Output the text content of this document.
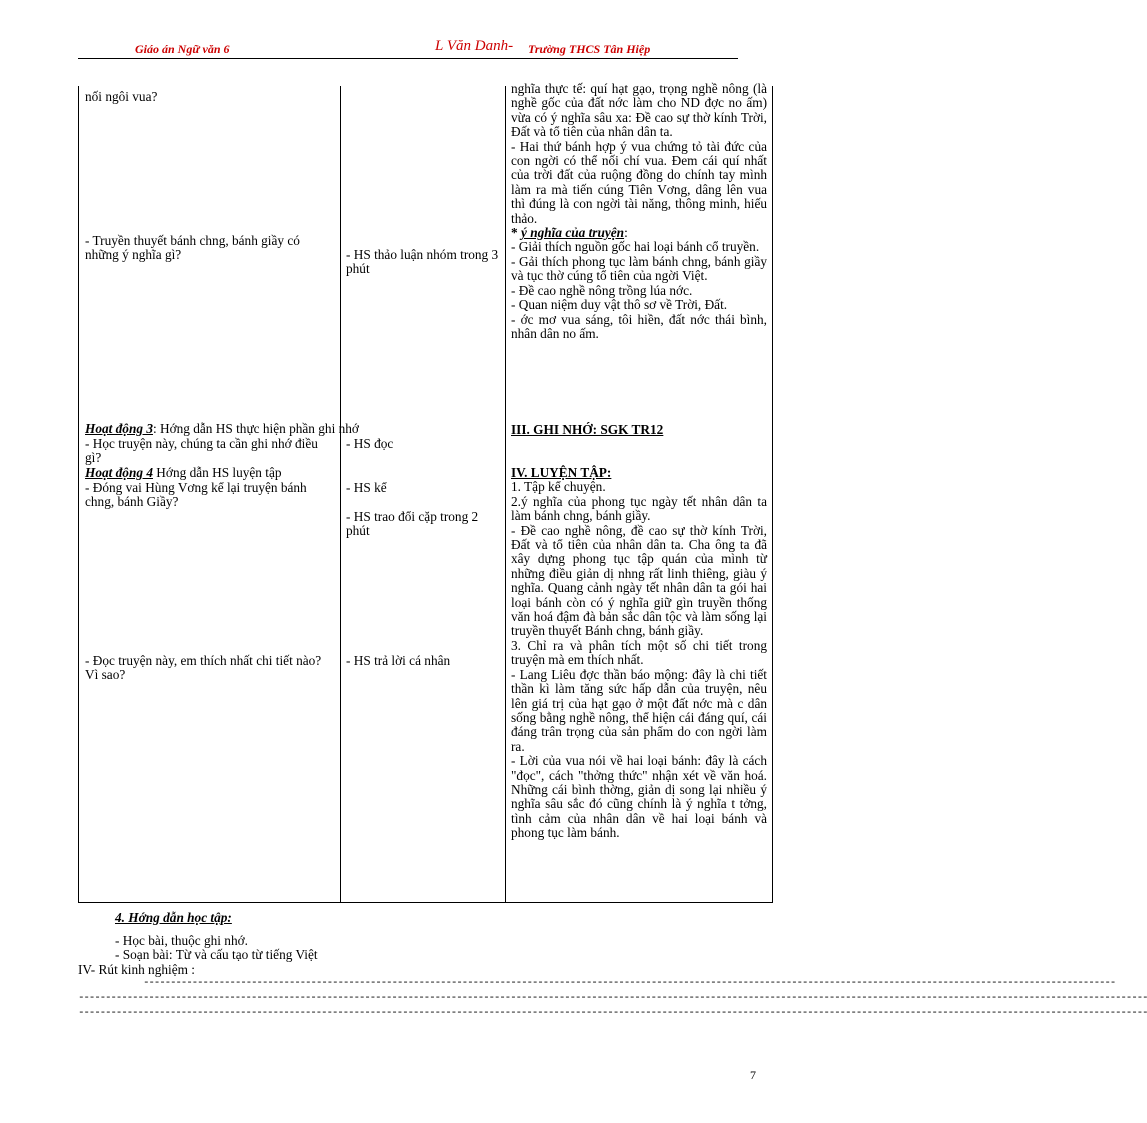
Giáo án Ngữ văn 6	L Văn Danh- Trường THCS Tân Hiệp
nối ngôi vua?
- Truyền thuyết bánh chng, bánh giầy có những ý nghĩa gì?
Hoạt động 3: Hớng dẫn HS thực hiện phần ghi nhớ
- Học truyện này, chúng ta cần ghi nhớ điều gì?
Hoạt động 4 Hớng dẫn HS luyện tập
- Đóng vai Hùng Vơng kể lại truyện bánh chng, bánh Giầy?
- Đọc truyện này, em thích nhất chi tiết nào? Vì sao?
- HS thảo luận nhóm trong 3 phút
- HS đọc
- HS kể
- HS trao đổi cặp trong 2 phút
- HS trả lời cá nhân

nghĩa thực tế: quí hạt gạo, trọng nghề nông (là nghề gốc của đất nớc làm cho ND đợc no ấm) vừa có ý nghĩa sâu xa: Đề cao sự thờ kính Trời, Đất và tổ tiên của nhân dân ta.

- Hai thứ bánh hợp ý vua chứng tỏ tài đức của con ngời có thể nối chí vua. Đem cái quí nhất của trời đất của ruộng đồng do chính tay mình làm ra mà tiến cúng Tiên Vơng, dâng lên vua thì đúng là con ngời tài năng, thông minh, hiếu thảo.

* ý nghĩa của truyện:

- Giải thích nguồn gốc hai loại bánh cổ truyền.

- Gải thích phong tục làm bánh chng, bánh giầy và tục thờ cúng tổ tiên của ngời Việt.

- Đề cao nghề nông trồng lúa nớc.

- Quan niệm duy vật thô sơ về Trời, Đất.

- ớc mơ vua sáng, tôi hiền, đất nớc thái bình, nhân dân no ấm.

III. GHI NHỚ: SGK TR12

IV. LUYỆN TẬP:

1. Tập kể chuyện.

2.ý nghĩa của phong tục ngày tết nhân dân ta làm bánh chng, bánh giầy.

- Đề cao nghề nông, đề cao sự thờ kính Trời, Đất và tổ tiên của nhân dân ta. Cha ông ta đã xây dựng phong tục tập quán của mình từ những điều giản dị nhng rất linh thiêng, giàu ý nghĩa. Quang cảnh ngày tết nhân dân ta gói hai loại bánh còn có ý nghĩa giữ gìn truyền thống văn hoá đậm đà bản sắc dân tộc và làm sống lại truyền thuyết Bánh chng, bánh giầy.

3. Chỉ ra và phân tích một số chi tiết trong truyện mà em thích nhất.

- Lang Liêu đợc thần báo mộng: đây là chi tiết thần kì làm tăng sức hấp dẫn của truyện, nêu lên giá trị của hạt gạo ở một đất nớc mà c dân sống bằng nghề nông, thể hiện cái đáng quí, cái đáng trân trọng của sản phẩm do con ngời làm ra.

- Lời của vua nói về hai loại bánh: đây là cách "đọc", cách "thởng thức" nhận xét về văn hoá. Những cái bình thờng, giản dị song lại nhiều ý nghĩa sâu sắc đó cũng chính là ý nghĩa t tởng, tình cảm của nhân dân về hai loại bánh và phong tục làm bánh.

4. Hớng dẫn học tập:
- Học bài, thuộc ghi nhớ.
- Soạn bài: Từ và cấu tạo từ tiếng Việt
IV- Rút kinh nghiệm :
------------------------------------------------------------------------------------------------------------------------------------------------------------------------------------
------------------------------------------------------------------------------------------------------------------------------------------------------------------------------------------------------
------------------------------------------------------------------------------------------------------------------------------------------------------------------------------------------------------
7
